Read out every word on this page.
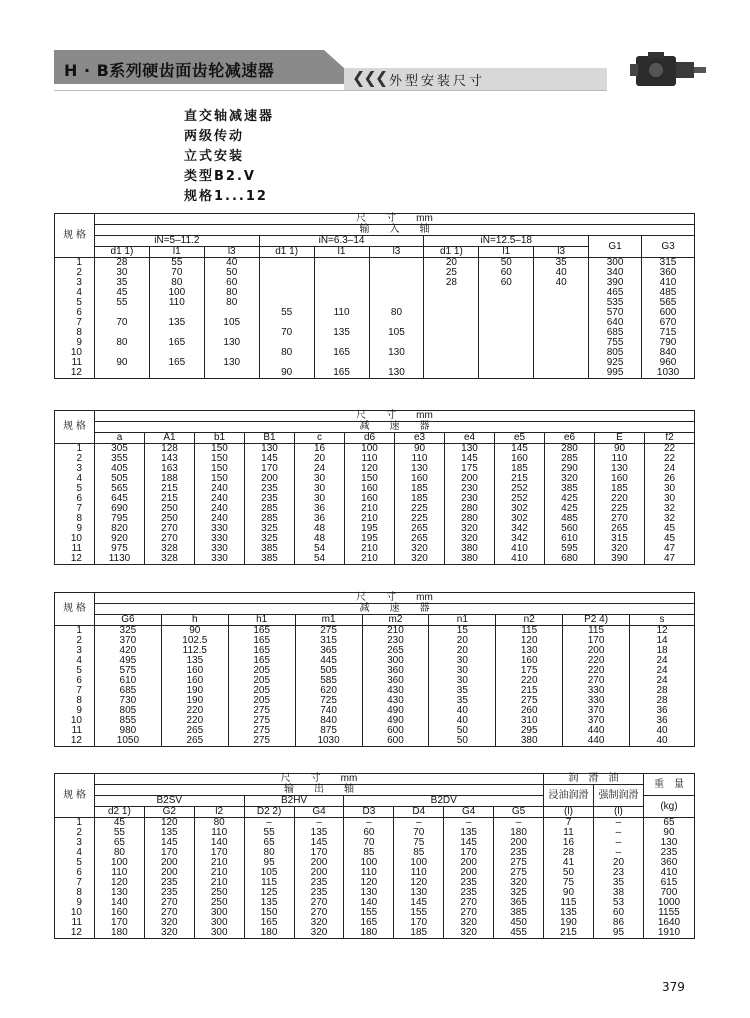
H · B系列硬齿面齿轮减速器	❮❮❮ 外型安装尺寸
直交轴减速器
两级传动
立式安装
类型B2.V
规格1...12
规 格	尺　　寸　　mm										
	输　　入　　轴										
	iN=5–11.2			iN=6.3–14			iN=12.5–18			G1	G3
	d1 1)	l1	l3	d1 1)	l1	l3	d1 1)	l1	l3		
1	28	55	40				20	50	35	300	315
2	30	70	50				25	60	40	340	360
3	35	80	60				28	60	40	390	410
4	45	100	80							465	485
5	55	110	80							535	565
6				55	110	80				570	600
7	70	135	105							640	670
8				70	135	105				685	715
9	80	165	130							755	790
10				80	165	130				805	840
11	90	165	130							925	960
12				90	165	130				995	1030
规 格	尺　　寸　　mm											
	减　　速　　器											
	a	A1	b1	B1	c	d6	e3	e4	e5	e6	E	f2
1	305	128	150	130	16	100	90	130	145	280	90	22
2	355	143	150	145	20	110	110	145	160	285	110	22
3	405	163	150	170	24	120	130	175	185	290	130	24
4	505	188	150	200	30	150	160	200	215	320	160	26
5	565	215	240	235	30	160	185	230	252	385	185	30
6	645	215	240	235	30	160	185	230	252	425	220	30
7	690	250	240	285	36	210	225	280	302	425	225	32
8	795	250	240	285	36	210	225	280	302	485	270	32
9	820	270	330	325	48	195	265	320	342	560	265	45
10	920	270	330	325	48	195	265	320	342	610	315	45
11	975	328	330	385	54	210	320	380	410	595	320	47
12	1130	328	330	385	54	210	320	380	410	680	390	47
规 格	尺　　寸　　mm								
	减　　速　　器								
	G6	h	h1	m1	m2	n1	n2	P2 4)	s
1	325	90	165	275	210	15	115	115	12
2	370	102.5	165	315	230	20	120	170	14
3	420	112.5	165	365	265	20	130	200	18
4	495	135	165	445	300	30	160	220	24
5	575	160	205	505	360	30	175	220	24
6	610	160	205	585	360	30	220	270	24
7	685	190	205	620	430	35	215	330	28
8	730	190	205	725	430	35	275	330	28
9	805	220	275	740	490	40	260	370	36
10	855	220	275	840	490	40	310	370	36
11	980	265	275	875	600	50	295	440	40
12	1050	265	275	1030	600	50	380	440	40
规 格	尺　　寸　　mm									润　滑　油		重　量
	输　　出　　轴									浸油润滑	强制润滑	
	B2SV			B2HV		B2DV						(kg)
	d2 1)	G2	l2	D2 2)	G4	D3	D4	G4	G5	(l)	(l)	
1	45	120	80	–	–	–	–	–	–	7	–	65
2	55	135	110	55	135	60	70	135	180	11	–	90
3	65	145	140	65	145	70	75	145	200	16	–	130
4	80	170	170	80	170	85	85	170	235	28	–	235
5	100	200	210	95	200	100	100	200	275	41	20	360
6	110	200	210	105	200	110	110	200	275	50	23	410
7	120	235	210	115	235	120	120	235	320	75	35	615
8	130	235	250	125	235	130	130	235	325	90	38	700
9	140	270	250	135	270	140	145	270	365	115	53	1000
10	160	270	300	150	270	155	155	270	385	135	60	1155
11	170	320	300	165	320	165	170	320	450	190	86	1640
12	180	320	300	180	320	180	185	320	455	215	95	1910
379
